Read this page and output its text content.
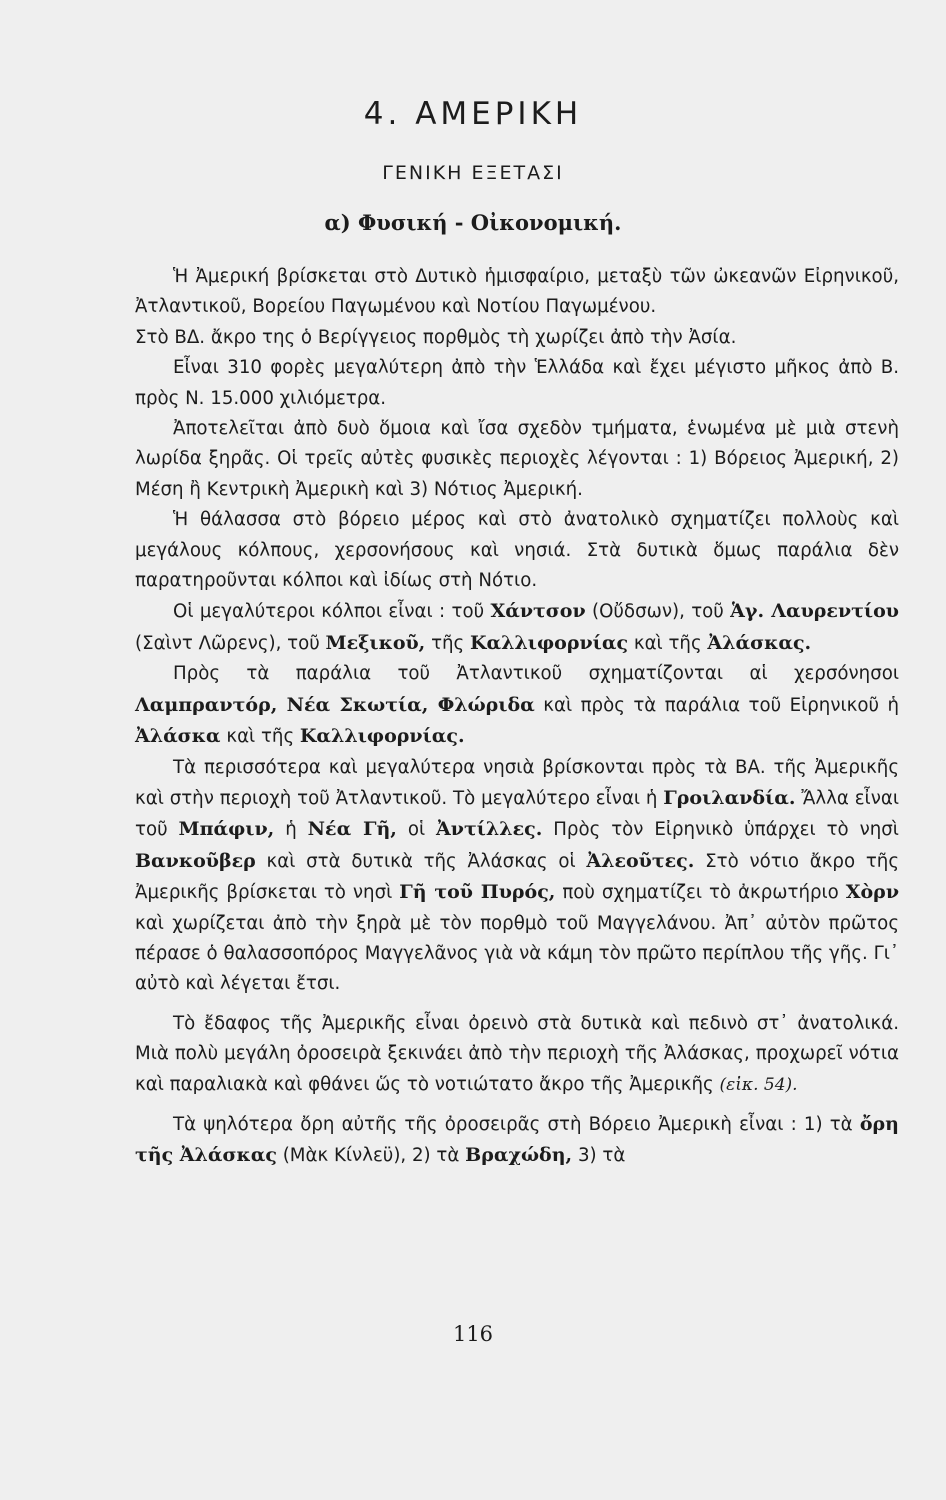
4. ΑΜΕΡΙΚΗ
ΓΕΝΙΚΗ ΕΞΕΤΑΣΙ
α) Φυσική - Οἰκονομική.

Ἡ Ἀμερική βρίσκεται στὸ Δυτικὸ ἡμισφαίριο, μεταξὺ τῶν ὠκεανῶν Εἰρηνικοῦ, Ἀτλαντικοῦ, Βορείου Παγωμένου καὶ Νοτίου Παγωμένου.

Στὸ ΒΔ. ἄκρο της ὁ Βερίγγειος πορθμὸς τὴ χωρίζει ἀπὸ τὴν Ἀσία.

Εἶναι 310 φορὲς μεγαλύτερη ἀπὸ τὴν Ἑλλάδα καὶ ἔχει μέγιστο μῆκος ἀπὸ Β. πρὸς Ν. 15.000 χιλιόμετρα.

Ἀποτελεῖται ἀπὸ δυὸ ὅμοια καὶ ἴσα σχεδὸν τμήματα, ἑνωμένα μὲ μιὰ στενὴ λωρίδα ξηρᾶς. Οἱ τρεῖς αὐτὲς φυσικὲς περιοχὲς λέγονται : 1) Βόρειος Ἀμερική, 2) Μέση ἢ Κεντρικὴ Ἀμερικὴ καὶ 3) Νότιος Ἀμερική.

Ἡ θάλασσα στὸ βόρειο μέρος καὶ στὸ ἀνατολικὸ σχηματίζει πολλοὺς καὶ μεγάλους κόλπους, χερσονήσους καὶ νησιά. Στὰ δυτικὰ ὅμως παράλια δὲν παρατηροῦνται κόλποι καὶ ἰδίως στὴ Νότιο.

Οἱ μεγαλύτεροι κόλποι εἶναι : τοῦ Χάντσον (Οὔδσων), τοῦ Ἁγ. Λαυρεντίου (Σαὶντ Λῶρενς), τοῦ Μεξικοῦ, τῆς Καλλιφορνίας καὶ τῆς Ἀλάσκας.

Πρὸς τὰ παράλια τοῦ Ἀτλαντικοῦ σχηματίζονται αἱ χερσόνησοι Λαμπραντόρ, Νέα Σκωτία, Φλώριδα καὶ πρὸς τὰ παράλια τοῦ Εἰρηνικοῦ ἡ Ἀλάσκα καὶ τῆς Καλλιφορνίας.

Τὰ περισσότερα καὶ μεγαλύτερα νησιὰ βρίσκονται πρὸς τὰ ΒΑ. τῆς Ἀμερικῆς καὶ στὴν περιοχὴ τοῦ Ἀτλαντικοῦ. Τὸ μεγαλύτερο εἶναι ἡ Γροιλανδία. Ἄλλα εἶναι τοῦ Μπάφιν, ἡ Νέα Γῆ, οἱ Ἀντίλλες. Πρὸς τὸν Εἰρηνικὸ ὑπάρχει τὸ νησὶ Βανκοῦβερ καὶ στὰ δυτικὰ τῆς Ἀλάσκας οἱ Ἀλεοῦτες. Στὸ νότιο ἄκρο τῆς Ἀμερικῆς βρίσκεται τὸ νησὶ Γῆ τοῦ Πυρός, ποὺ σχηματίζει τὸ ἀκρωτήριο Χὸρν καὶ χωρίζεται ἀπὸ τὴν ξηρὰ μὲ τὸν πορθμὸ τοῦ Μαγγελάνου. Ἀπ᾽ αὐτὸν πρῶτος πέρασε ὁ θαλασσοπόρος Μαγγελᾶνος γιὰ νὰ κάμη τὸν πρῶτο περίπλου τῆς γῆς. Γι᾽ αὐτὸ καὶ λέγεται ἔτσι.

Τὸ ἔδαφος τῆς Ἀμερικῆς εἶναι ὀρεινὸ στὰ δυτικὰ καὶ πεδινὸ στ᾽ ἀνατολικά. Μιὰ πολὺ μεγάλη ὀροσειρὰ ξεκινάει ἀπὸ τὴν περιοχὴ τῆς Ἀλάσκας, προχωρεῖ νότια καὶ παραλιακὰ καὶ φθάνει ὥς τὸ νοτιώτατο ἄκρο τῆς Ἀμερικῆς (εἰκ. 54).

Τὰ ψηλότερα ὄρη αὐτῆς τῆς ὀροσειρᾶς στὴ Βόρειο Ἀμερικὴ εἶναι : 1) τὰ ὄρη τῆς Ἀλάσκας (Μὰκ Κίνλεϋ), 2) τὰ Βραχώδη, 3) τὰ

116
